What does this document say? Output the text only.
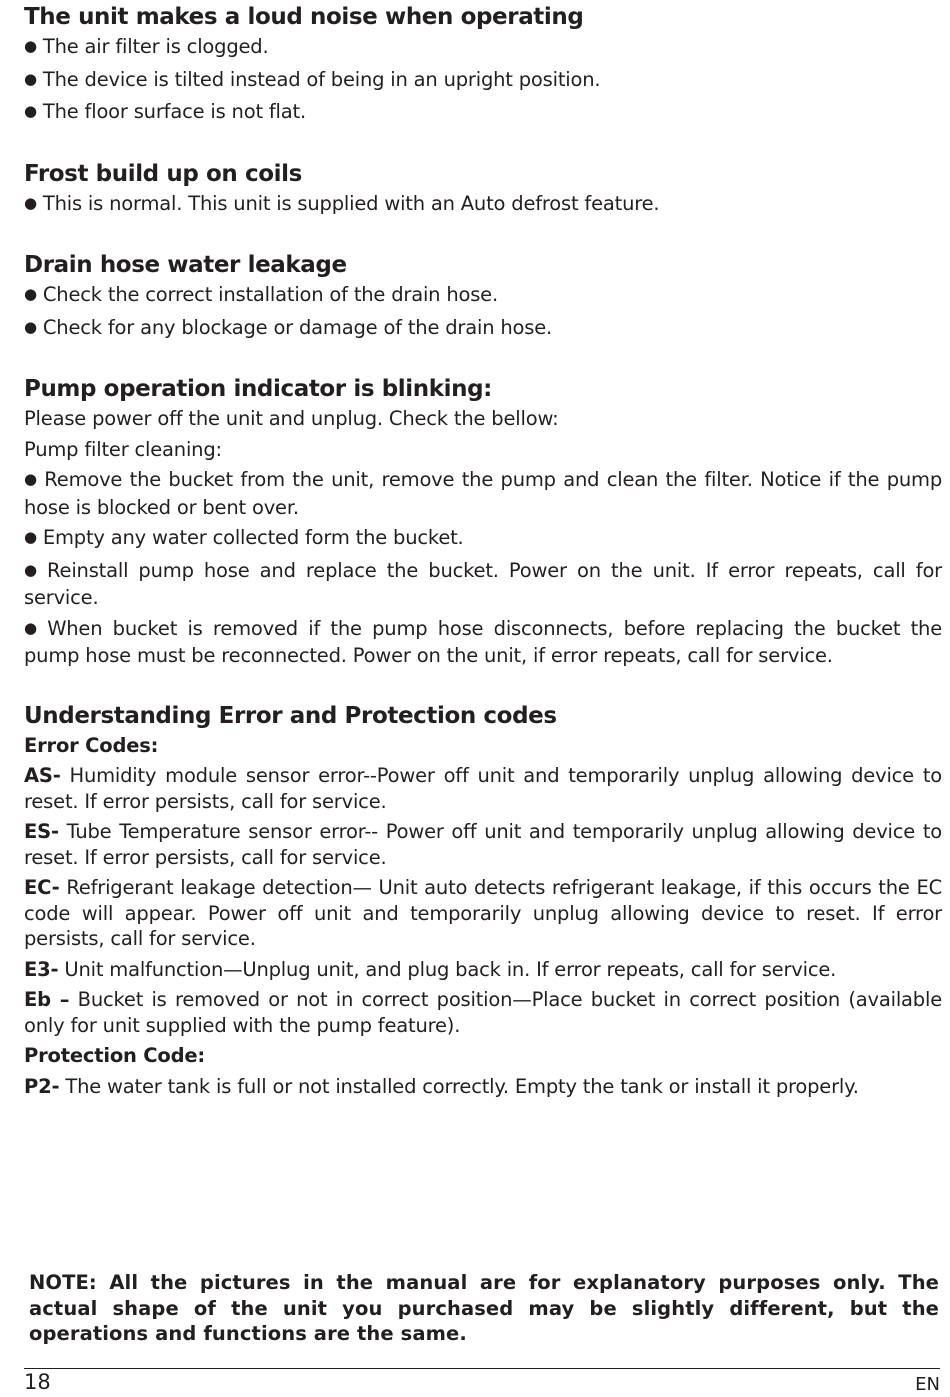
The unit makes a loud noise when operating
● The air filter is clogged.
● The device is tilted instead of being in an upright position.
● The floor surface is not flat.
Frost build up on coils
● This is normal. This unit is supplied with an Auto defrost feature.
Drain hose water leakage
● Check the correct installation of the drain hose.
● Check for any blockage or damage of the drain hose.
Pump operation indicator is blinking:
Please power off the unit and unplug. Check the bellow:
Pump filter cleaning:
● Remove the bucket from the unit, remove the pump and clean the filter. Notice if the pump hose is blocked or bent over.
● Empty any water collected form the bucket.
● Reinstall pump hose and replace the bucket. Power on the unit. If error repeats, call for service.
● When bucket is removed if the pump hose disconnects, before replacing the bucket the pump hose must be reconnected. Power on the unit, if error repeats, call for service.
Understanding Error and Protection codes
Error Codes:
AS- Humidity module sensor error--Power off unit and temporarily unplug allowing device to reset. If error persists, call for service.
ES- Tube Temperature sensor error-- Power off unit and temporarily unplug allowing device to reset. If error persists, call for service.
EC- Refrigerant leakage detection— Unit auto detects refrigerant leakage, if this occurs the EC code will appear. Power off unit and temporarily unplug allowing device to reset. If error persists, call for service.
E3- Unit malfunction—Unplug unit, and plug back in. If error repeats, call for service.
Eb – Bucket is removed or not in correct position—Place bucket in correct position (available only for unit supplied with the pump feature).
Protection Code:
P2- The water tank is full or not installed correctly. Empty the tank or install it properly.
NOTE: All the pictures in the manual are for explanatory purposes only. The actual shape of the unit you purchased may be slightly different, but the operations and functions are the same.
18	EN
